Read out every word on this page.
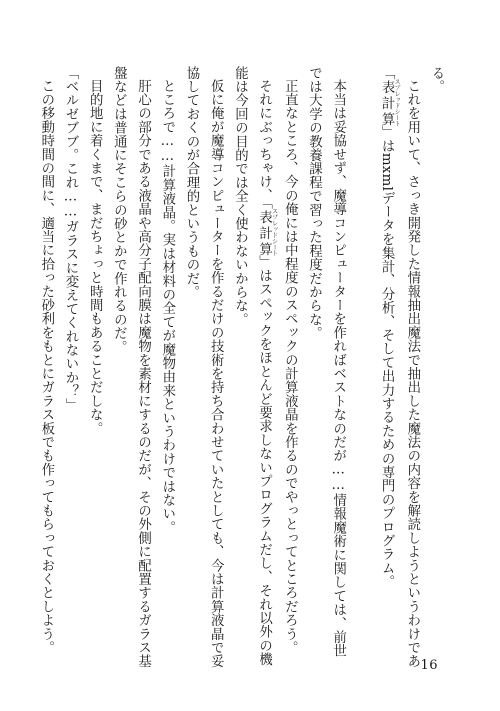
る。

これを用いて、さっき開発した情報抽出魔法で抽出した魔法の内容を解読しようというわけであ

「表計算 スプレッドシート」はmxmlデータを集計、分析、そして出力するための専門のプログラム。

本当は妥協せず、魔導コンピューターを作ればベストなのだが……情報魔術に関しては、前世

では大学の教養課程で習った程度だからな。

正直なところ、今の俺には中程度のスペックの計算液晶を作るのでやっとってところだろう。

それにぶっちゃけ、「表計算 スプレッドシート」はスペックをほとんど要求しないプログラムだし、それ以外の機

能は今回の目的では全く使わないからな。

仮に俺が魔導コンピューターを作るだけの技術を持ち合わせていたとしても、今は計算液晶で妥

協しておくのが合理的というものだ。

ところで……計算液晶。実は材料の全てが魔物由来というわけではない。

肝心の部分である液晶や高分子配向膜は魔物を素材にするのだが、その外側に配置するガラス基

盤などは普通にそこらの砂とかで作れるのだ。

目的地に着くまで、まだちょっと時間もあることだしな。

「ベルゼブブ。これ……ガラスに変えてくれないか？」

この移動時間の間に、適当に拾った砂利をもとにガラス板でも作ってもらっておくとしよう。

16
